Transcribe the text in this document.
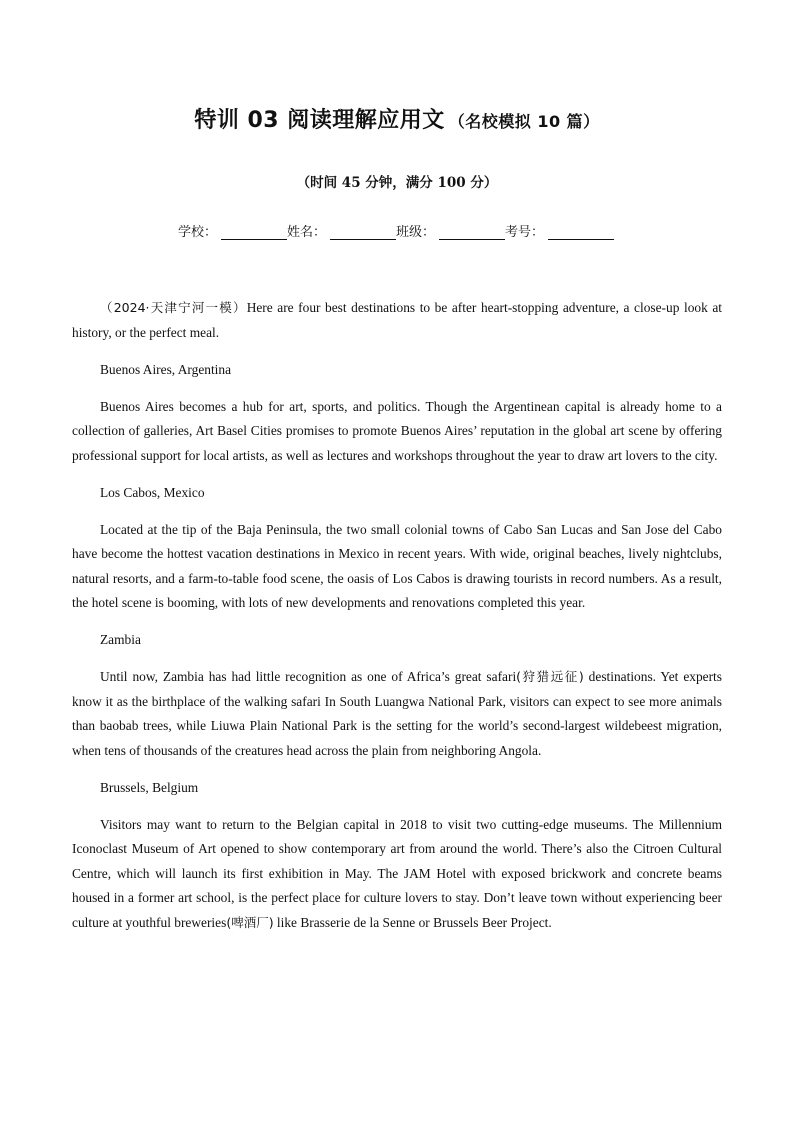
特训 03 阅读理解应用文 （名校模拟 10 篇）
（时间 45 分钟，满分 100 分）
学校：	姓名：	班级：	考号：

（2024·天津宁河一模）Here are four best destinations to be after heart-stopping adventure, a close-up look at history, or the perfect meal.

Buenos Aires, Argentina

Buenos Aires becomes a hub for art, sports, and politics. Though the Argentinean capital is already home to a collection of galleries, Art Basel Cities promises to promote Buenos Aires’ reputation in the global art scene by offering professional support for local artists, as well as lectures and workshops throughout the year to draw art lovers to the city.

Los Cabos, Mexico

Located at the tip of the Baja Peninsula, the two small colonial towns of Cabo San Lucas and San Jose del Cabo have become the hottest vacation destinations in Mexico in recent years. With wide, original beaches, lively nightclubs, natural resorts, and a farm-to-table food scene, the oasis of Los Cabos is drawing tourists in record numbers. As a result, the hotel scene is booming, with lots of new developments and renovations completed this year.

Zambia

Until now, Zambia has had little recognition as one of Africa’s great safari(狩猎远征) destinations. Yet experts know it as the birthplace of the walking safari In South Luangwa National Park, visitors can expect to see more animals than baobab trees, while Liuwa Plain National Park is the setting for the world’s second-largest wildebeest migration, when tens of thousands of the creatures head across the plain from neighboring Angola.

Brussels, Belgium

Visitors may want to return to the Belgian capital in 2018 to visit two cutting-edge museums. The Millennium Iconoclast Museum of Art opened to show contemporary art from around the world. There’s also the Citroen Cultural Centre, which will launch its first exhibition in May. The JAM Hotel with exposed brickwork and concrete beams housed in a former art school, is the perfect place for culture lovers to stay. Don’t leave town without experiencing beer culture at youthful breweries(啤酒厂) like Brasserie de la Senne or Brussels Beer Project.
